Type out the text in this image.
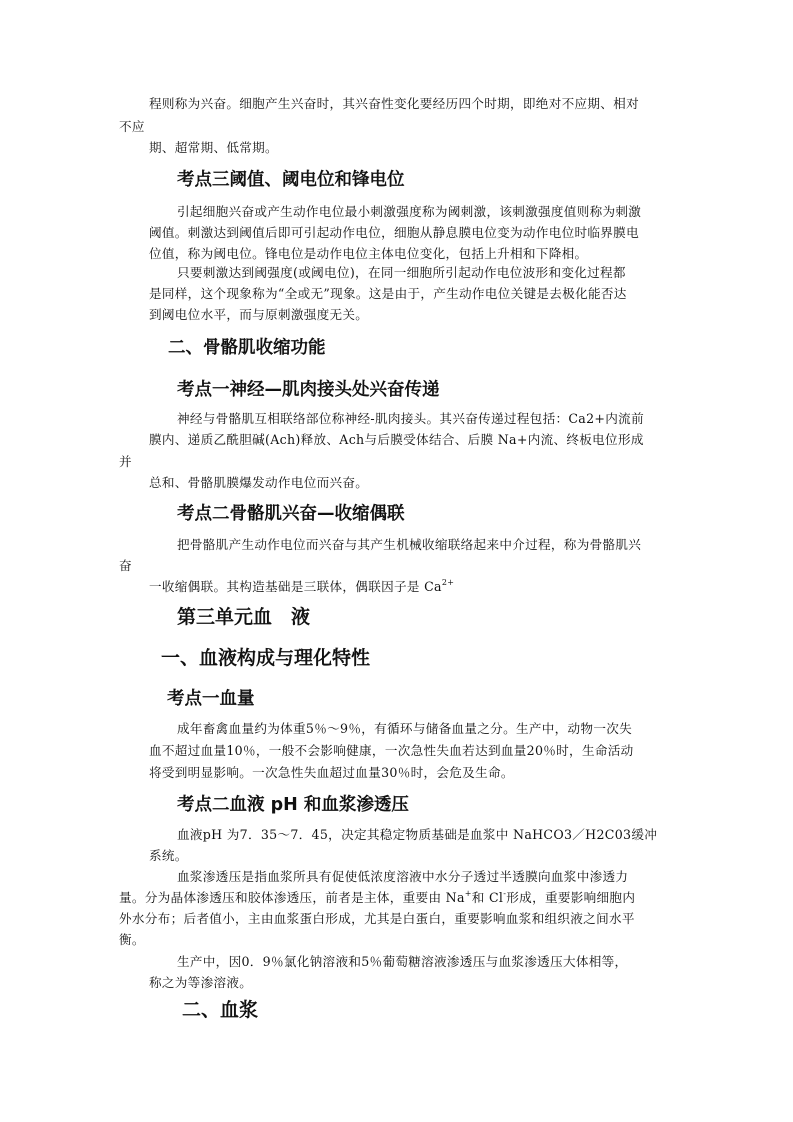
程则称为兴奋。细胞产生兴奋时，其兴奋性变化要经历四个时期，即绝对不应期、相对
不应
期、超常期、低常期。
考点三阈值、阈电位和锋电位
引起细胞兴奋或产生动作电位最小刺激强度称为阈刺激，该刺激强度值则称为刺激
阈值。刺激达到阈值后即可引起动作电位，细胞从静息膜电位变为动作电位时临界膜电
位值，称为阈电位。锋电位是动作电位主体电位变化，包括上升相和下降相。
只要刺激达到阈强度(或阈电位)，在同一细胞所引起动作电位波形和变化过程都
是同样，这个现象称为“全或无”现象。这是由于，产生动作电位关键是去极化能否达
到阈电位水平，而与原刺激强度无关。
二、骨骼肌收缩功能
考点一神经—肌肉接头处兴奋传递
神经与骨骼肌互相联络部位称神经-肌肉接头。其兴奋传递过程包括：Ca2+内流前
膜内、递质乙酰胆碱(Ach)释放、Ach与后膜受体结合、后膜 Na+内流、终板电位形成
并
总和、骨骼肌膜爆发动作电位而兴奋。
考点二骨骼肌兴奋—收缩偶联
把骨骼肌产生动作电位而兴奋与其产生机械收缩联络起来中介过程，称为骨骼肌兴
奋
一收缩偶联。其构造基础是三联体，偶联因子是 $Ca^{2+}$
第三单元血　液
一、血液构成与理化特性
考点一血量
成年畜禽血量约为体重5％～9％，有循环与储备血量之分。生产中，动物一次失
血不超过血量10％，一般不会影响健康，一次急性失血若达到血量20％时，生命活动
将受到明显影响。一次急性失血超过血量30％时，会危及生命。
考点二血液 pH 和血浆渗透压
血液pH 为7．35～7．45，决定其稳定物质基础是血浆中 NaHCO3／H2C03缓冲
系统。
血浆渗透压是指血浆所具有促使低浓度溶液中水分子透过半透膜向血浆中渗透力
量。分为晶体渗透压和胶体渗透压，前者是主体，重要由 Na+和 Cl-形成，重要影响细胞内
外水分布；后者值小，主由血浆蛋白形成，尤其是白蛋白，重要影响血浆和组织液之间水平
衡。
生产中，因0．9％氯化钠溶液和5％葡萄糖溶液渗透压与血浆渗透压大体相等，
称之为等渗溶液。
二、血浆
